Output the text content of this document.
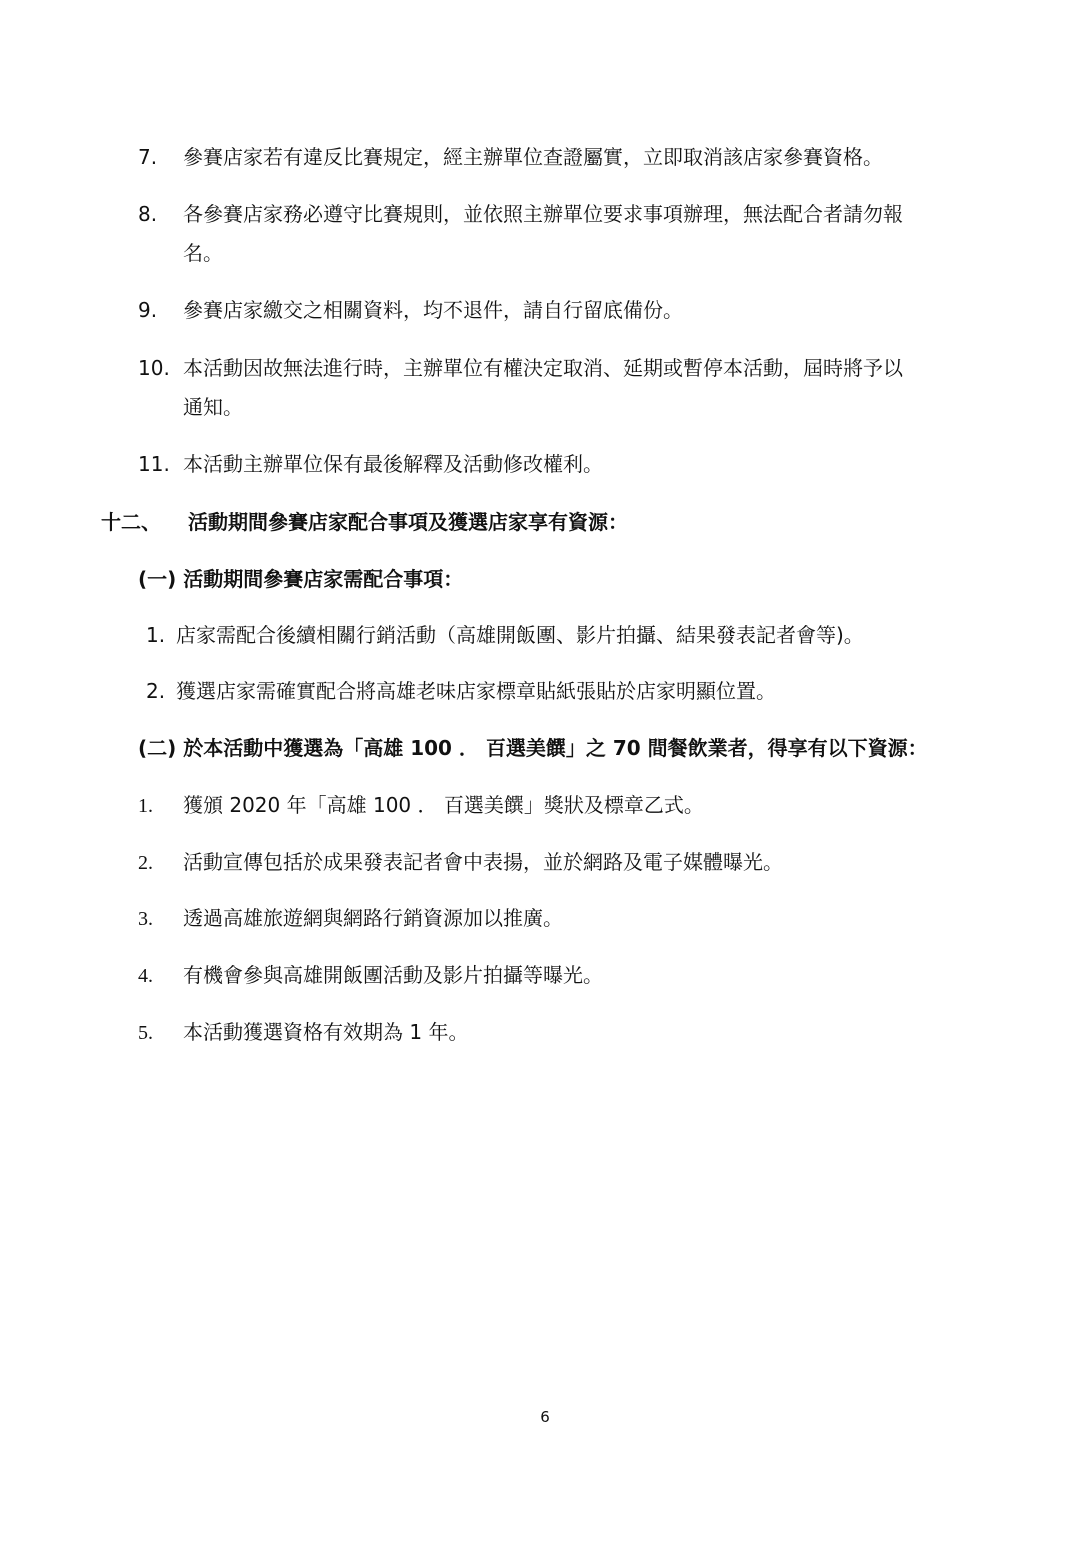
7. 參賽店家若有違反比賽規定，經主辦單位查證屬實，立即取消該店家參賽資格。
8. 各參賽店家務必遵守比賽規則，並依照主辦單位要求事項辦理，無法配合者請勿報
名。
9. 參賽店家繳交之相關資料，均不退件，請自行留底備份。
10. 本活動因故無法進行時，主辦單位有權決定取消、延期或暫停本活動，屆時將予以
通知。
11. 本活動主辦單位保有最後解釋及活動修改權利。
十二、 活動期間參賽店家配合事項及獲選店家享有資源：
(一) 活動期間參賽店家需配合事項：
1. 店家需配合後續相關行銷活動（高雄開飯團、影片拍攝、結果發表記者會等)。
2. 獲選店家需確實配合將高雄老味店家標章貼紙張貼於店家明顯位置。
(二) 於本活動中獲選為「高雄 100 ． 百選美饌」之 70 間餐飲業者，得享有以下資源：
1. 獲頒 2020 年「高雄 100 ． 百選美饌」獎狀及標章乙式。
2. 活動宣傳包括於成果發表記者會中表揚，並於網路及電子媒體曝光。
3. 透過高雄旅遊網與網路行銷資源加以推廣。
4. 有機會參與高雄開飯團活動及影片拍攝等曝光。
5. 本活動獲選資格有效期為 1 年。
6
